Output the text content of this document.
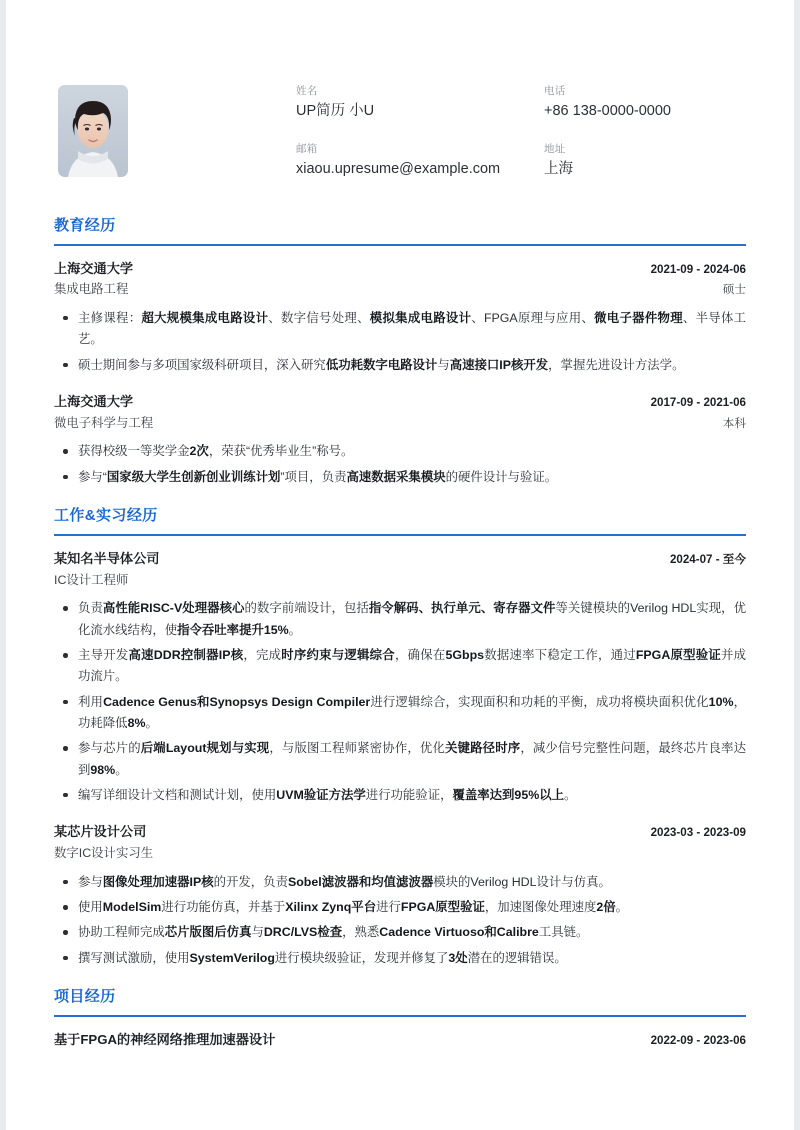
姓名
UP简历 小U
电话
+86 138-0000-0000
邮箱
xiaou.upresume@example.com
地址
上海
教育经历
上海交通大学	2021-09 - 2024-06
集成电路工程	硕士
主修课程：超大规模集成电路设计、数字信号处理、模拟集成电路设计、FPGA原理与应用、微电子器件物理、半导体工艺。
硕士期间参与多项国家级科研项目，深入研究低功耗数字电路设计与高速接口IP核开发，掌握先进设计方法学。
上海交通大学	2017-09 - 2021-06
微电子科学与工程	本科
获得校级一等奖学金2次，荣获“优秀毕业生”称号。
参与“国家级大学生创新创业训练计划”项目，负责高速数据采集模块的硬件设计与验证。
工作&实习经历
某知名半导体公司	2024-07 - 至今
IC设计工程师
负责高性能RISC-V处理器核心的数字前端设计，包括指令解码、执行单元、寄存器文件等关键模块的Verilog HDL实现，优化流水线结构，使指令吞吐率提升15%。
主导开发高速DDR控制器IP核，完成时序约束与逻辑综合，确保在5Gbps数据速率下稳定工作，通过FPGA原型验证并成功流片。
利用Cadence Genus和Synopsys Design Compiler进行逻辑综合，实现面积和功耗的平衡，成功将模块面积优化10%，功耗降低8%。
参与芯片的后端Layout规划与实现，与版图工程师紧密协作，优化关键路径时序，减少信号完整性问题，最终芯片良率达到98%。
编写详细设计文档和测试计划，使用UVM验证方法学进行功能验证，覆盖率达到95%以上。
某芯片设计公司	2023-03 - 2023-09
数字IC设计实习生
参与图像处理加速器IP核的开发，负责Sobel滤波器和均值滤波器模块的Verilog HDL设计与仿真。
使用ModelSim进行功能仿真，并基于Xilinx Zynq平台进行FPGA原型验证，加速图像处理速度2倍。
协助工程师完成芯片版图后仿真与DRC/LVS检查，熟悉Cadence Virtuoso和Calibre工具链。
撰写测试激励，使用SystemVerilog进行模块级验证，发现并修复了3处潜在的逻辑错误。
项目经历
基于FPGA的神经网络推理加速器设计	2022-09 - 2023-06
